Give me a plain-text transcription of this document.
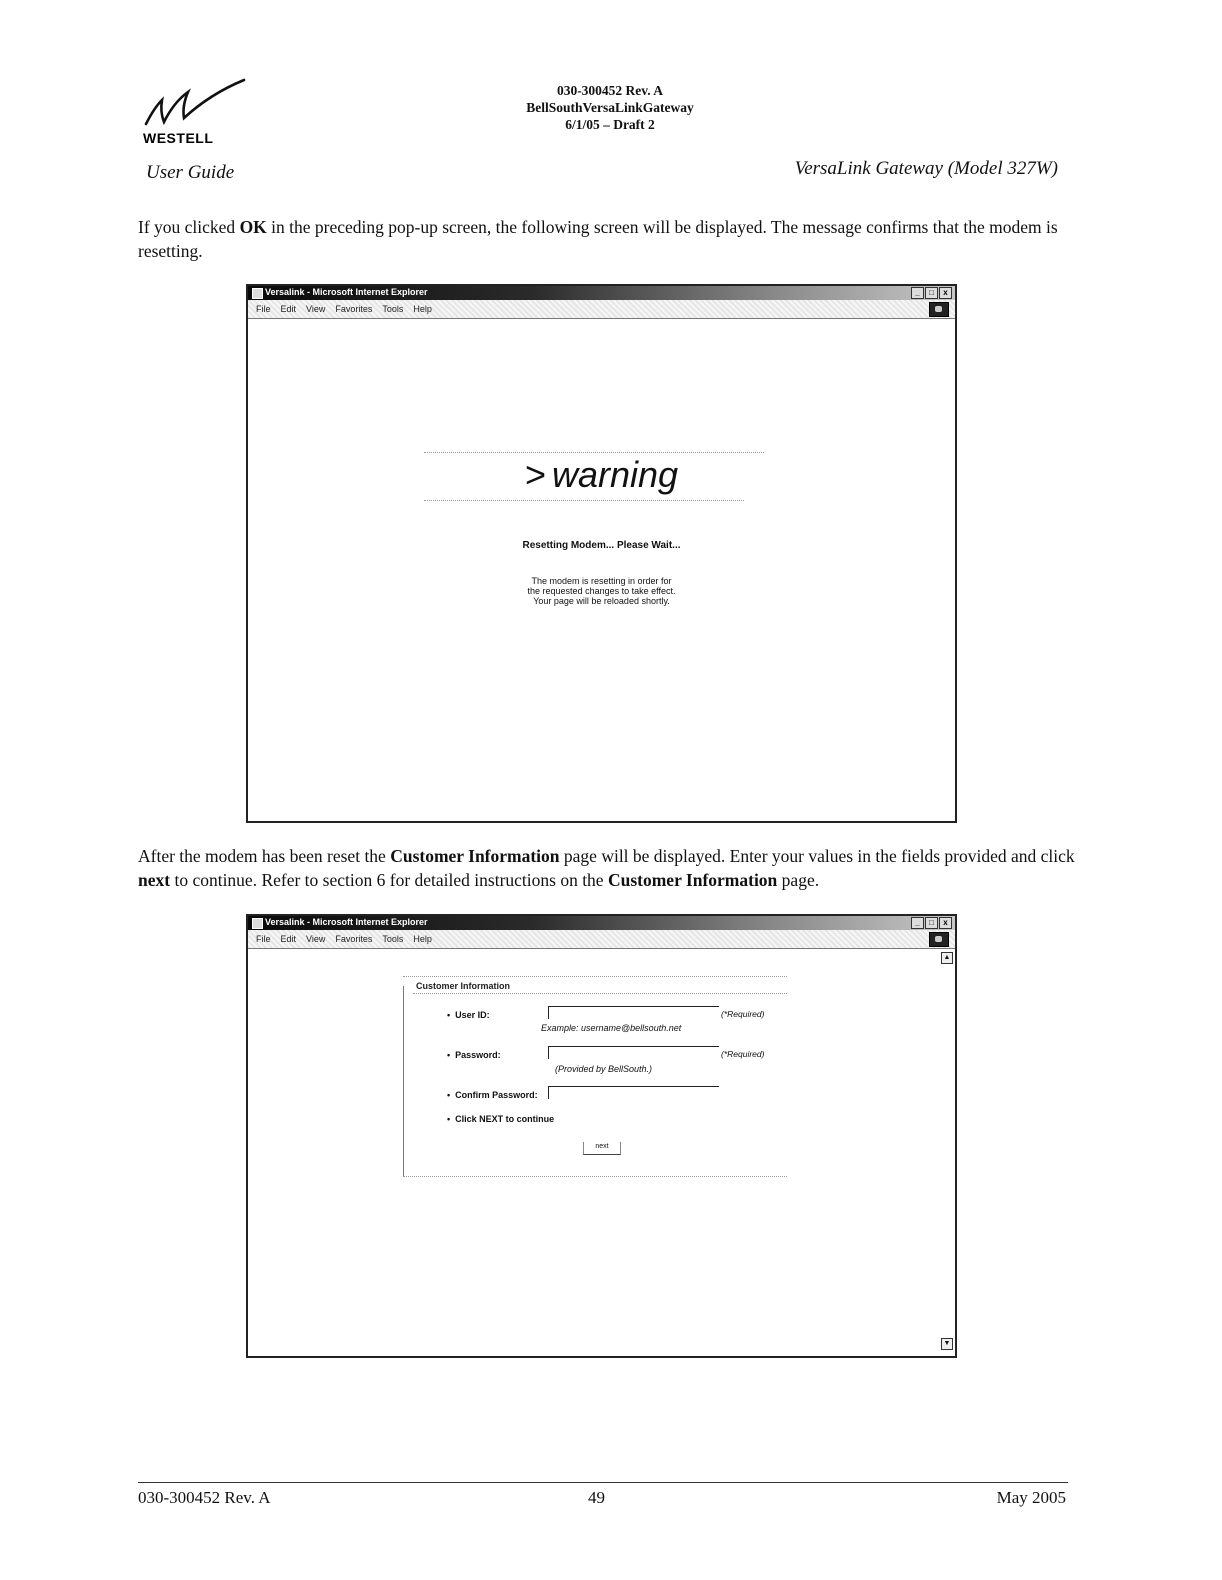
WESTELL
030-300452 Rev. A
BellSouthVersaLinkGateway
6/1/05 – Draft 2
User Guide	VersaLink Gateway (Model 327W)
If you clicked OK in the preceding pop-up screen, the following screen will be displayed. The message confirms that the modem is resetting.
Versalink - Microsoft Internet Explorer	_	□	x
File Edit View Favorites Tools Help
> warning
Resetting Modem... Please Wait...
The modem is resetting in order for
the requested changes to take effect.
Your page will be reloaded shortly.
After the modem has been reset the Customer Information page will be displayed. Enter your values in the fields provided and click next to continue. Refer to section 6 for detailed instructions on the Customer Information page.
Versalink - Microsoft Internet Explorer	_	□	x
File Edit View Favorites Tools Help
▲
▼
Customer Information
• User ID:	(*Required)
Example: username@bellsouth.net
• Password:	(*Required)
(Provided by BellSouth.)
• Confirm Password:
• Click NEXT to continue
next
030-300452 Rev. A	49	May 2005
